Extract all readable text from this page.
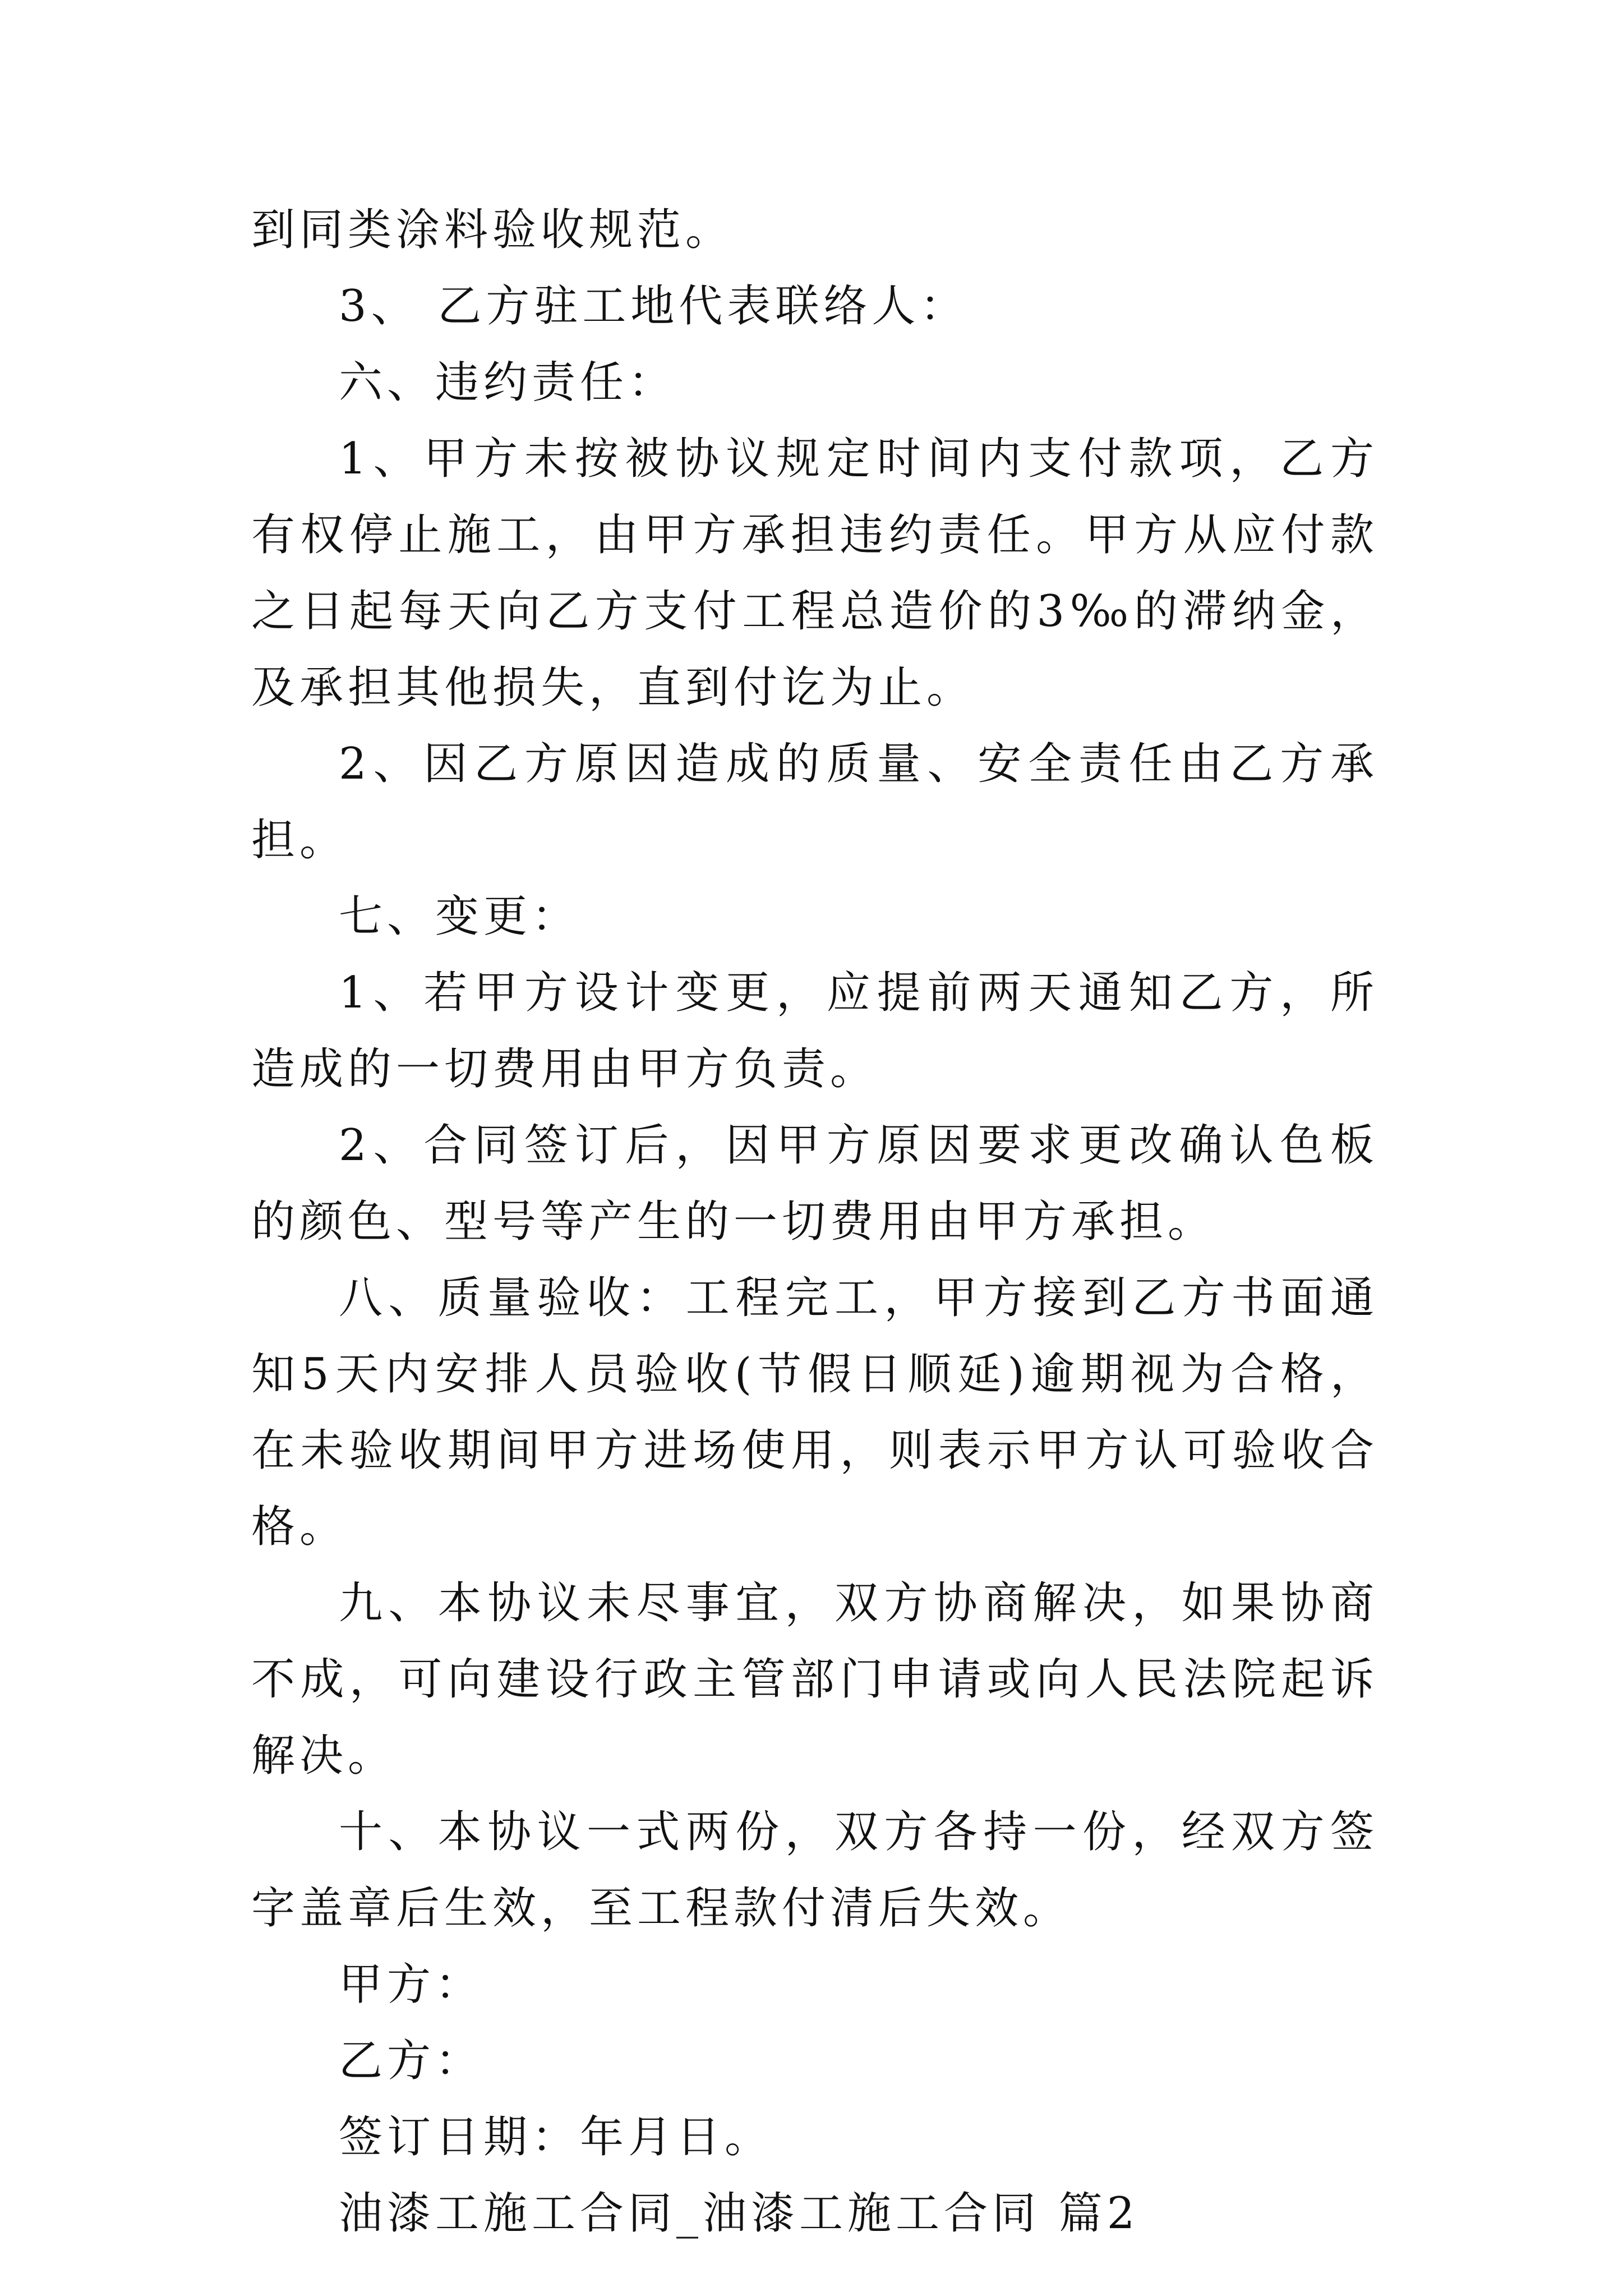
到同类涂料验收规范。

3、 乙方驻工地代表联络人：

六、违约责任：

1、甲方未按被协议规定时间内支付款项，乙方有权停止施工，由甲方承担违约责任。甲方从应付款之日起每天向乙方支付工程总造价的3‰的滞纳金，及承担其他损失，直到付讫为止。

2、因乙方原因造成的质量、安全责任由乙方承担。

七、变更：

1、若甲方设计变更，应提前两天通知乙方，所造成的一切费用由甲方负责。

2、合同签订后，因甲方原因要求更改确认色板的颜色、型号等产生的一切费用由甲方承担。

八、质量验收：工程完工，甲方接到乙方书面通知5天内安排人员验收(节假日顺延)逾期视为合格，在未验收期间甲方进场使用，则表示甲方认可验收合格。

九、本协议未尽事宜，双方协商解决，如果协商不成，可向建设行政主管部门申请或向人民法院起诉解决。

十、本协议一式两份，双方各持一份，经双方签字盖章后生效，至工程款付清后失效。

甲方：

乙方：

签订日期：年月日。

油漆工施工合同_油漆工施工合同 篇2
